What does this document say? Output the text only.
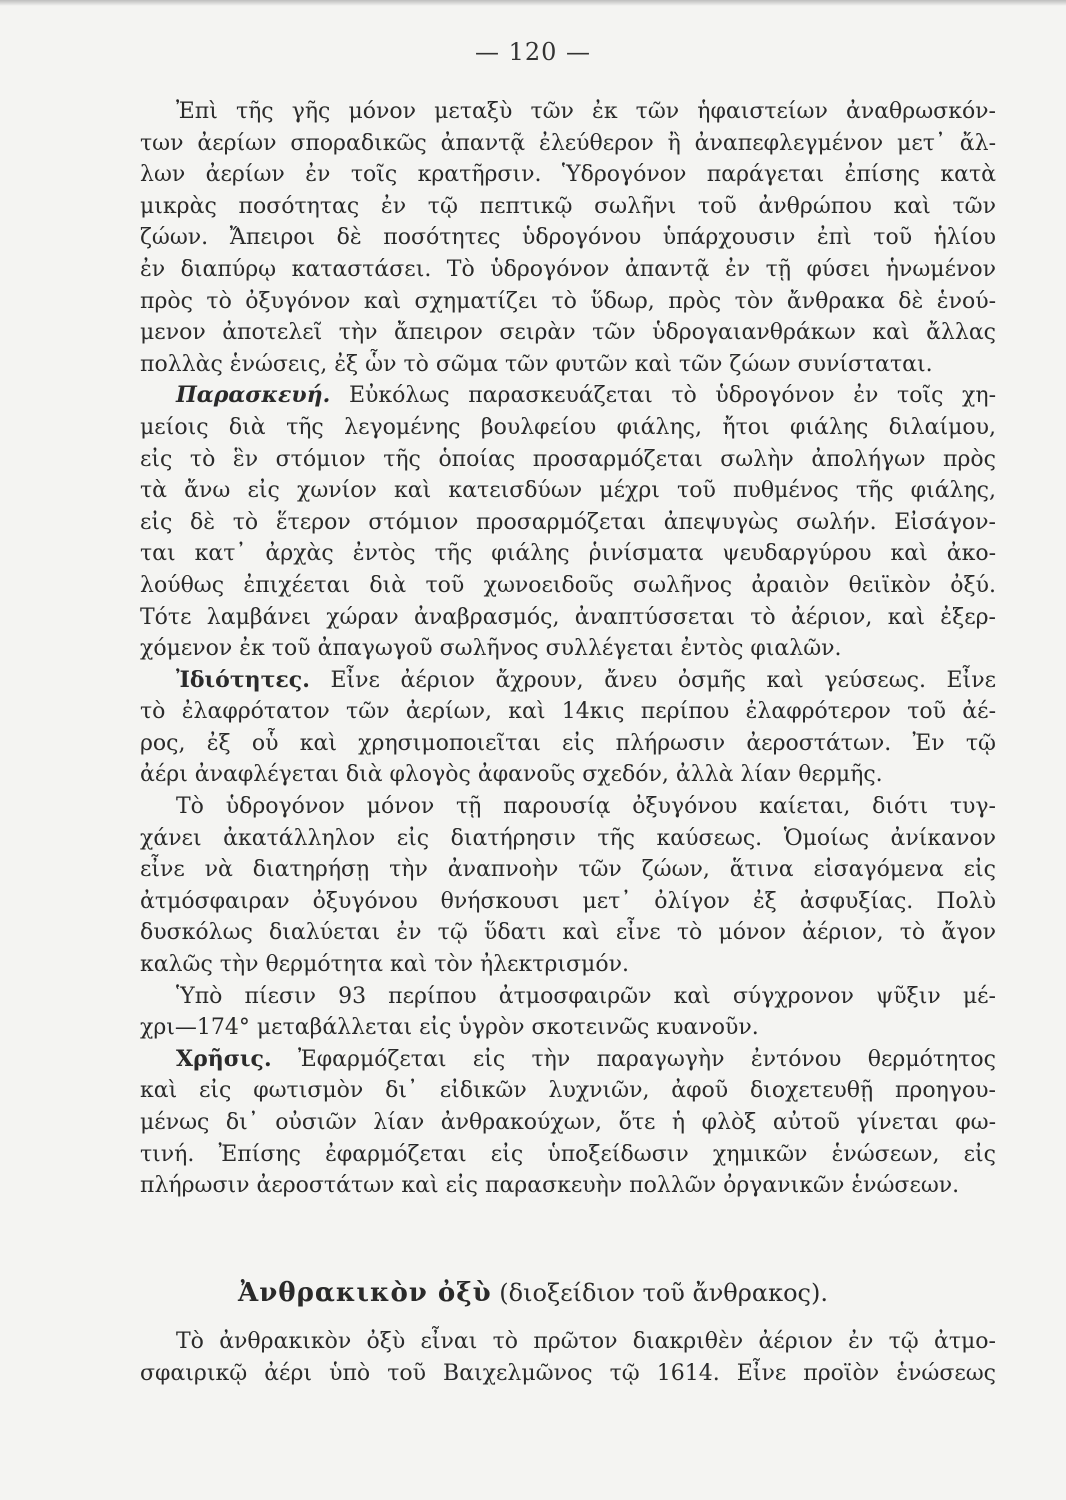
— 120 —
Ἐπὶ τῆς γῆς μόνον μεταξὺ τῶν ἐκ τῶν ἡφαιστείων ἀναθρωσκόν-
των ἀερίων σποραδικῶς ἀπαντᾷ ἐλεύθερον ἢ ἀναπεφλεγμένον μετ᾽ ἄλ-
λων ἀερίων ἐν τοῖς κρατῆρσιν. Ὑδρογόνον παράγεται ἐπίσης κατὰ
μικρὰς ποσότητας ἐν τῷ πεπτικῷ σωλῆνι τοῦ ἀνθρώπου καὶ τῶν
ζώων. Ἄπειροι δὲ ποσότητες ὑδρογόνου ὑπάρχουσιν ἐπὶ τοῦ ἡλίου
ἐν διαπύρῳ καταστάσει. Τὸ ὑδρογόνον ἀπαντᾷ ἐν τῇ φύσει ἡνωμένον
πρὸς τὸ ὀξυγόνον καὶ σχηματίζει τὸ ὕδωρ, πρὸς τὸν ἄνθρακα δὲ ἑνού-
μενον ἀποτελεῖ τὴν ἄπειρον σειρὰν τῶν ὑδρογαιανθράκων καὶ ἄλλας
πολλὰς ἑνώσεις, ἐξ ὧν τὸ σῶμα τῶν φυτῶν καὶ τῶν ζώων συνίσταται.
Παρασκευή. Εὐκόλως παρασκευάζεται τὸ ὑδρογόνον ἐν τοῖς χη-
μείοις διὰ τῆς λεγομένης βουλφείου φιάλης, ἤτοι φιάλης διλαίμου,
εἰς τὸ ἓν στόμιον τῆς ὁποίας προσαρμόζεται σωλὴν ἀπολήγων πρὸς
τὰ ἄνω εἰς χωνίον καὶ κατεισδύων μέχρι τοῦ πυθμένος τῆς φιάλης,
εἰς δὲ τὸ ἕτερον στόμιον προσαρμόζεται ἀπεψυγὼς σωλήν. Εἰσάγον-
ται κατ᾽ ἀρχὰς ἐντὸς τῆς φιάλης ῥινίσματα ψευδαργύρου καὶ ἀκο-
λούθως ἐπιχέεται διὰ τοῦ χωνοειδοῦς σωλῆνος ἀραιὸν θειϊκὸν ὀξύ.
Τότε λαμβάνει χώραν ἀναβρασμός, ἀναπτύσσεται τὸ ἀέριον, καὶ ἐξερ-
χόμενον ἐκ τοῦ ἀπαγωγοῦ σωλῆνος συλλέγεται ἐντὸς φιαλῶν.
Ἰδιότητες. Εἶνε ἀέριον ἄχρουν, ἄνευ ὀσμῆς καὶ γεύσεως. Εἶνε
τὸ ἐλαφρότατον τῶν ἀερίων, καὶ 14κις περίπου ἐλαφρότερον τοῦ ἀέ-
ρος, ἐξ οὗ καὶ χρησιμοποιεῖται εἰς πλήρωσιν ἀεροστάτων. Ἐν τῷ
ἀέρι ἀναφλέγεται διὰ φλογὸς ἀφανοῦς σχεδόν, ἀλλὰ λίαν θερμῆς.
Τὸ ὑδρογόνον μόνον τῇ παρουσίᾳ ὀξυγόνου καίεται, διότι τυγ-
χάνει ἀκατάλληλον εἰς διατήρησιν τῆς καύσεως. Ὁμοίως ἀνίκανον
εἶνε νὰ διατηρήσῃ τὴν ἀναπνοὴν τῶν ζώων, ἅτινα εἰσαγόμενα εἰς
ἀτμόσφαιραν ὀξυγόνου θνήσκουσι μετ᾽ ὀλίγον ἐξ ἀσφυξίας. Πολὺ
δυσκόλως διαλύεται ἐν τῷ ὕδατι καὶ εἶνε τὸ μόνον ἀέριον, τὸ ἄγον
καλῶς τὴν θερμότητα καὶ τὸν ἠλεκτρισμόν.
Ὑπὸ πίεσιν 93 περίπου ἀτμοσφαιρῶν καὶ σύγχρονον ψῦξιν μέ-
χρι—174° μεταβάλλεται εἰς ὑγρὸν σκοτεινῶς κυανοῦν.
Χρῆσις. Ἐφαρμόζεται εἰς τὴν παραγωγὴν ἐντόνου θερμότητος
καὶ εἰς φωτισμὸν δι᾽ εἰδικῶν λυχνιῶν, ἀφοῦ διοχετευθῇ προηγου-
μένως δι᾽ οὐσιῶν λίαν ἀνθρακούχων, ὅτε ἡ φλὸξ αὐτοῦ γίνεται φω-
τινή. Ἐπίσης ἐφαρμόζεται εἰς ὑποξείδωσιν χημικῶν ἑνώσεων, εἰς
πλήρωσιν ἀεροστάτων καὶ εἰς παρασκευὴν πολλῶν ὀργανικῶν ἑνώσεων.
Ἀνθρακικὸν ὀξὺ (διοξείδιον τοῦ ἄνθρακος).
Τὸ ἀνθρακικὸν ὀξὺ εἶναι τὸ πρῶτον διακριθὲν ἀέριον ἐν τῷ ἀτμο-
σφαιρικῷ ἀέρι ὑπὸ τοῦ Βαιχελμῶνος τῷ 1614. Εἶνε προϊὸν ἑνώσεως
